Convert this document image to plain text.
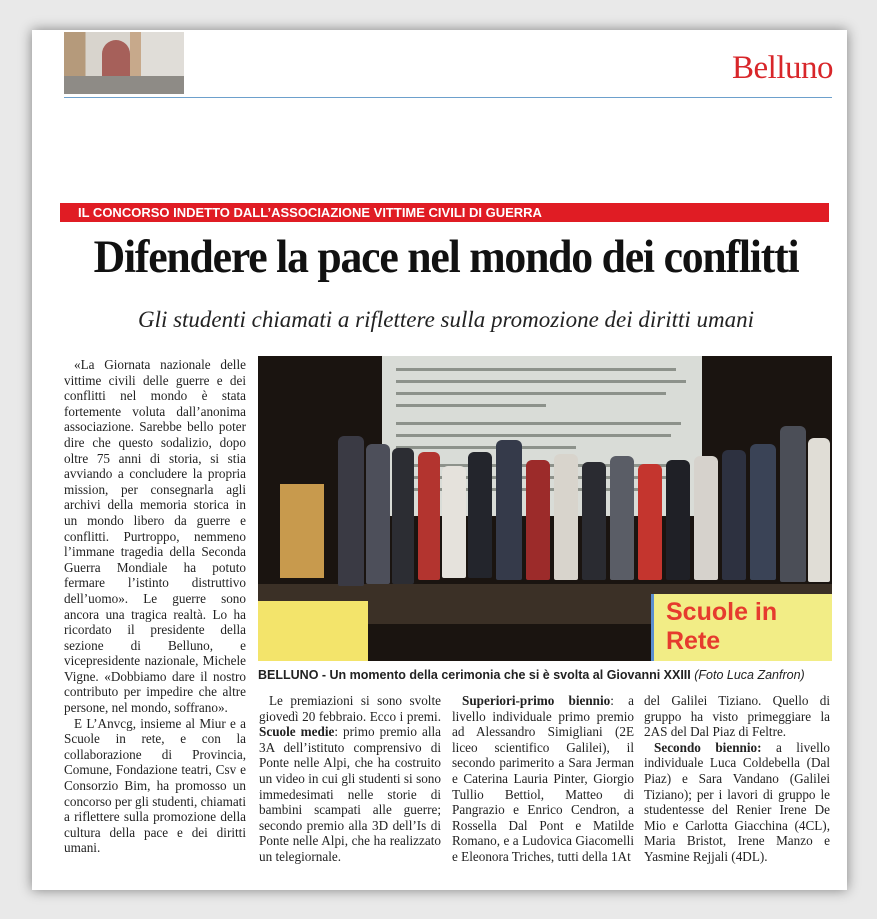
Belluno
IL CONCORSO INDETTO DALL’ASSOCIAZIONE VITTIME CIVILI DI GUERRA
Difendere la pace nel mondo dei conflitti
Gli studenti chiamati a riflettere sulla promozione dei diritti umani

«La Giornata nazionale delle vittime civili delle guerre e dei conflitti nel mondo è stata fortemente voluta dall’anonima associazione. Sarebbe bello poter dire che questo sodalizio, dopo oltre 75 anni di storia, si stia avviando a concludere la propria mission, per consegnarla agli archivi della memoria storica in un mondo libero da guerre e conflitti. Purtroppo, nemmeno l’immane tragedia della Seconda Guerra Mondiale ha potuto fermare l’istinto distruttivo dell’uomo». Le guerre sono ancora una tragica realtà. Lo ha ricordato il presidente della sezione di Belluno, e vicepresidente nazionale, Michele Vigne. «Dobbiamo dare il nostro contributo per impedire che altre persone, nel mondo, soffrano».

E L’Anvcg, insieme al Miur e a Scuole in rete, e con la collaborazione di Provincia, Comune, Fondazione teatri, Csv e Consorzio Bim, ha promosso un concorso per gli studenti, chiamati a riflettere sulla promozione della cultura della pace e dei diritti umani.

Scuole in Rete
BELLUNO - Un momento della cerimonia che si è svolta al Giovanni XXIII (Foto Luca Zanfron)

Le premiazioni si sono svolte giovedì 20 febbraio. Ecco i premi. Scuole medie: primo premio alla 3A dell’istituto comprensivo di Ponte nelle Alpi, che ha costruito un video in cui gli studenti si sono immedesimati nelle storie di bambini scampati alle guerre; secondo premio alla 3D dell’Is di Ponte nelle Alpi, che ha realizzato un telegiornale.

Superiori-primo biennio: a livello individuale primo premio ad Alessandro Simigliani (2E liceo scientifico Galilei), il secondo parimerito a Sara Jerman e Caterina Lauria Pinter, Giorgio Tullio Bettiol, Matteo di Pangrazio e Enrico Cendron, a Rossella Dal Pont e Matilde Romano, e a Ludovica Giacomelli e Eleonora Triches, tutti della 1At

del Galilei Tiziano. Quello di gruppo ha visto primeggiare la 2AS del Dal Piaz di Feltre.

Secondo biennio: a livello individuale Luca Coldebella (Dal Piaz) e Sara Vandano (Galilei Tiziano); per i lavori di gruppo le studentesse del Renier Irene De Mio e Carlotta Giacchina (4CL), Maria Bristot, Irene Manzo e Yasmine Rejjali (4DL).
